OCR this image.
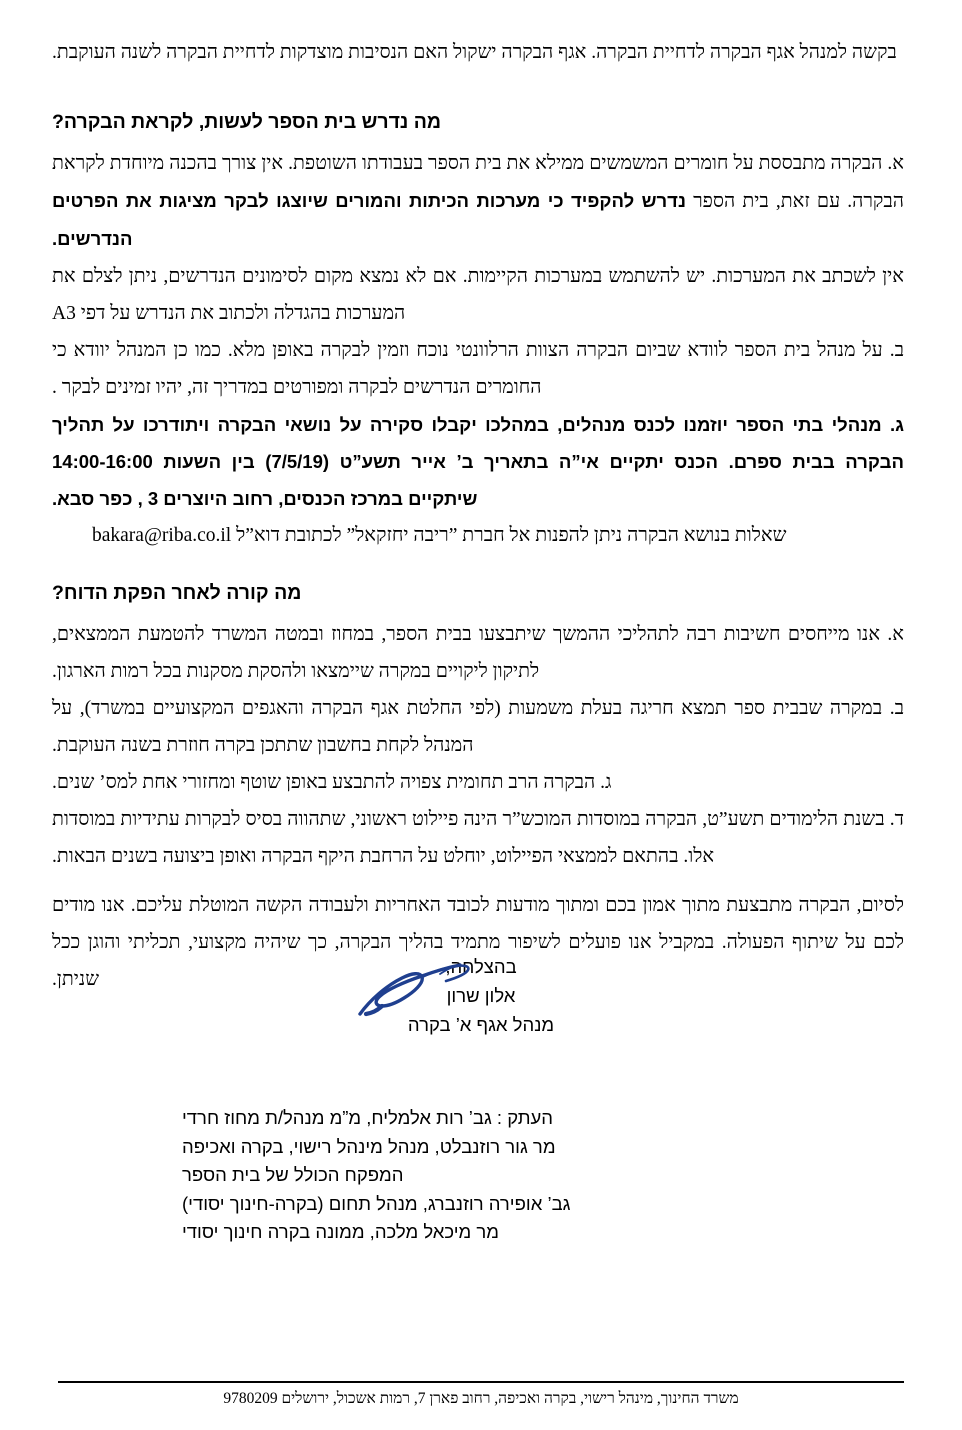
בקשה למנהל אגף הבקרה לדחיית הבקרה. אגף הבקרה ישקול האם הנסיבות מוצדקות לדחיית הבקרה לשנה העוקבת.

מה נדרש בית הספר לעשות, לקראת הבקרה?

א. הבקרה מתבססת על חומרים המשמשים ממילא את בית הספר בעבודתו השוטפת. אין צורך בהכנה מיוחדת לקראת הבקרה. עם זאת, בית הספר נדרש להקפיד כי מערכות הכיתות והמורים שיוצגו לבקר מציגות את הפרטים הנדרשים.

אין לשכתב את המערכות. יש להשתמש במערכות הקיימות. אם לא נמצא מקום לסימונים הנדרשים, ניתן לצלם את המערכות בהגדלה ולכתוב את הנדרש על דפי A3

ב. על מנהל בית הספר לוודא שביום הבקרה הצוות הרלוונטי נוכח וזמין לבקרה באופן מלא. כמו כן המנהל יוודא כי החומרים הנדרשים לבקרה ומפורטים במדריך זה, יהיו זמינים לבקר .

ג. מנהלי בתי הספר יוזמנו לכנס מנהלים, במהלכו יקבלו סקירה על נושאי הבקרה ויתודרכו על תהליך הבקרה בבית ספרם. הכנס יתקיים אי”ה בתאריך ב’ אייר תשע”ט (7/5/19) בין השעות 14:00-16:00 שיתקיים במרכז הכנסים, רחוב היוצרים 3 , כפר סבא.

שאלות בנושא הבקרה ניתן להפנות אל חברת ”ריבה יחזקאל” לכתובת דוא”ל bakara@riba.co.il

מה קורה לאחר הפקת הדוח?

א. אנו מייחסים חשיבות רבה לתהליכי ההמשך שיתבצעו בבית הספר, במחוז ובמטה המשרד להטמעת הממצאים, לתיקון ליקויים במקרה שיימצאו ולהסקת מסקנות בכל רמות הארגון.

ב. במקרה שבבית ספר תמצא חריגה בעלת משמעות (לפי החלטת אגף הבקרה והאגפים המקצועיים במשרד), על המנהל לקחת בחשבון שתתכן בקרה חוזרת בשנה העוקבת.

ג. הבקרה הרב תחומית צפויה להתבצע באופן שוטף ומחזורי אחת למס’ שנים.

ד. בשנת הלימודים תשע”ט, הבקרה במוסדות המוכש”ר הינה פיילוט ראשוני, שתהווה בסיס לבקרות עתידיות במוסדות אלו. בהתאם לממצאי הפיילוט, יוחלט על הרחבת היקף הבקרה ואופן ביצועה בשנים הבאות.

לסיום, הבקרה מתבצעת מתוך אמון בכם ומתוך מודעות לכובד האחריות ולעבודה הקשה המוטלת עליכם. אנו מודים לכם על שיתוף הפעולה. במקביל אנו פועלים לשיפור מתמיד בהליך הבקרה, כך שיהיה מקצועי, תכליתי והוגן ככל שניתן.

בהצלחה,
אלון שרון
מנהל אגף א’ בקרה
העתק : גב’ רות אלמליח, מ”מ מנהל/ת מחוז חרדי
מר גור רוזנבלט, מנהל מינהל רישוי, בקרה ואכיפה
המפקח הכולל של בית הספר
גב’ אופירה רוזנברג, מנהל תחום (בקרה-חינוך יסודי)
מר מיכאל מלכה, ממונה בקרה חינוך יסודי
משרד החינוך, מינהל רישוי, בקרה ואכיפה, רחוב פארן 7, רמות אשכול, ירושלים 9780209
